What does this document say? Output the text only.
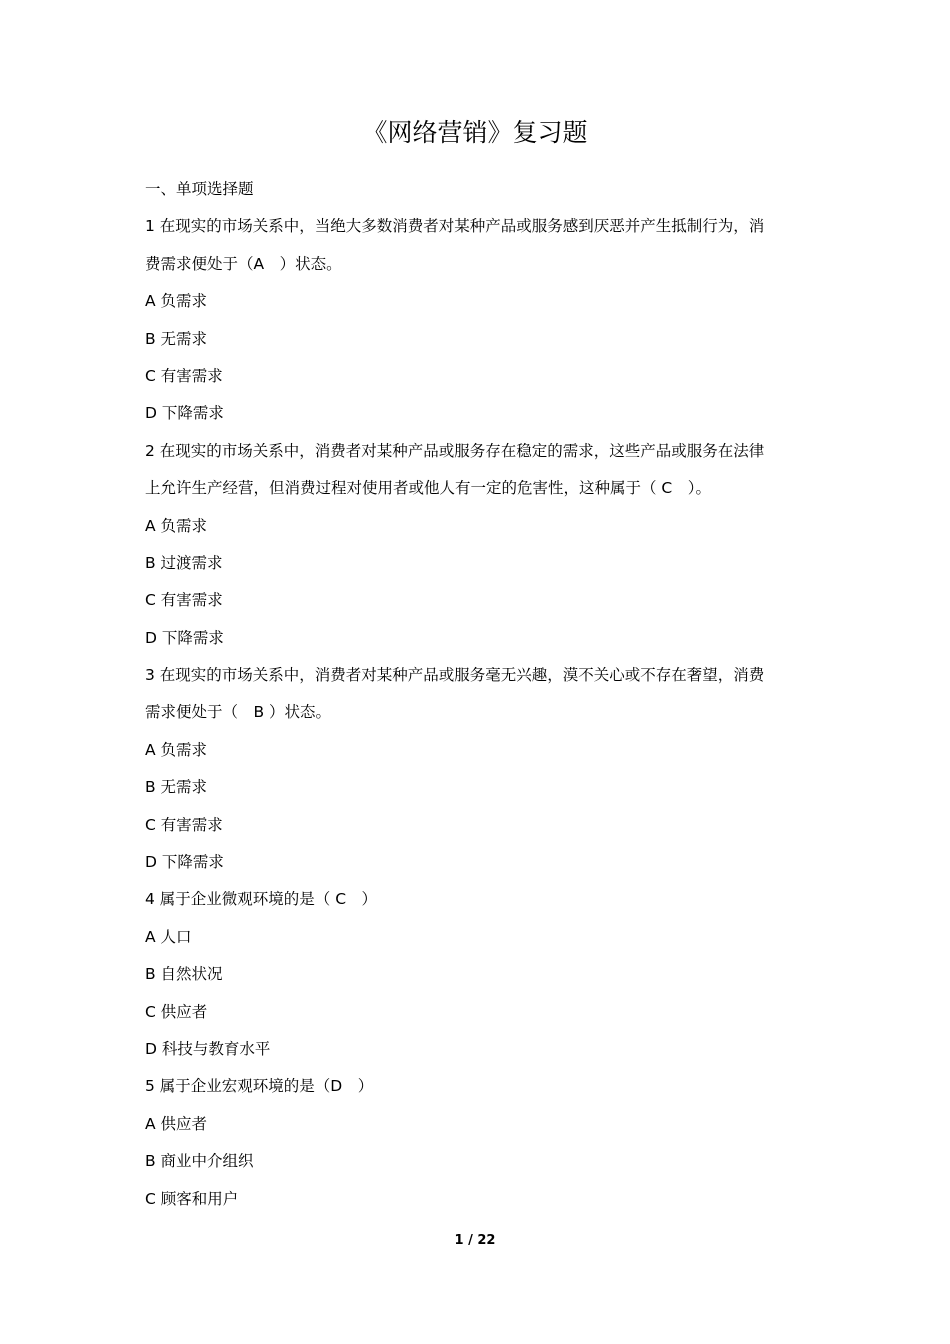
《网络营销》复习题
一、单项选择题
1 在现实的市场关系中，当绝大多数消费者对某种产品或服务感到厌恶并产生抵制行为，消
费需求便处于（A　）状态。
A 负需求
B 无需求
C 有害需求
D 下降需求
2 在现实的市场关系中，消费者对某种产品或服务存在稳定的需求，这些产品或服务在法律
上允许生产经营，但消费过程对使用者或他人有一定的危害性，这种属于（ C　）。
A 负需求
B 过渡需求
C 有害需求
D 下降需求
3 在现实的市场关系中，消费者对某种产品或服务毫无兴趣，漠不关心或不存在奢望，消费
需求便处于（　B ）状态。
A 负需求
B 无需求
C 有害需求
D 下降需求
4 属于企业微观环境的是（ C　）
A 人口
B 自然状况
C 供应者
D 科技与教育水平
5 属于企业宏观环境的是（D　）
A 供应者
B 商业中介组织
C 顾客和用户
1 / 22
